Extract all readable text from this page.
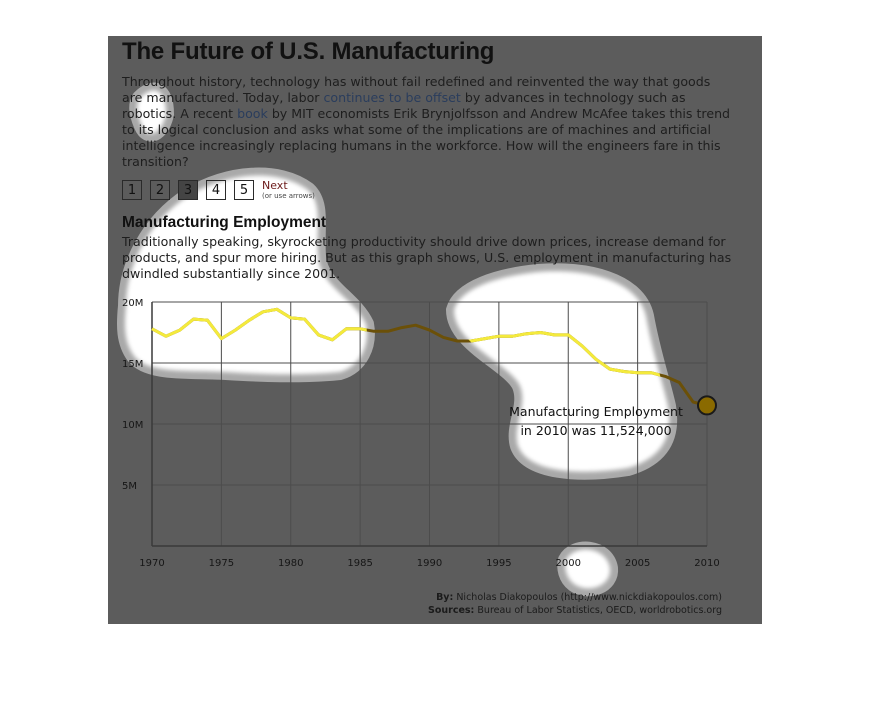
5M
10M
15M
20M
1970	1975	1980	1985	1990	1995	2000	2005	2010
Manufacturing Employment
in 2010 was 11,524,000
The Future of U.S. Manufacturing

Throughout history, technology has without fail redefined and reinvented the way that goods are manufactured. Today, labor continues to be offset by advances in technology such as robotics. A recent book by MIT economists Erik Brynjolfsson and Andrew McAfee takes this trend to its logical conclusion and asks what some of the implications are of machines and artificial intelligence increasingly replacing humans in the workforce. How will the engineers fare in this transition?

1	2	3	4	5	Next
(or use arrows)
Manufacturing Employment

Traditionally speaking, skyrocketing productivity should drive down prices, increase demand for products, and spur more hiring. But as this graph shows, U.S. employment in manufacturing has dwindled substantially since 2001.

By: Nicholas Diakopoulos (http://www.nickdiakopoulos.com)
Sources: Bureau of Labor Statistics, OECD, worldrobotics.org
